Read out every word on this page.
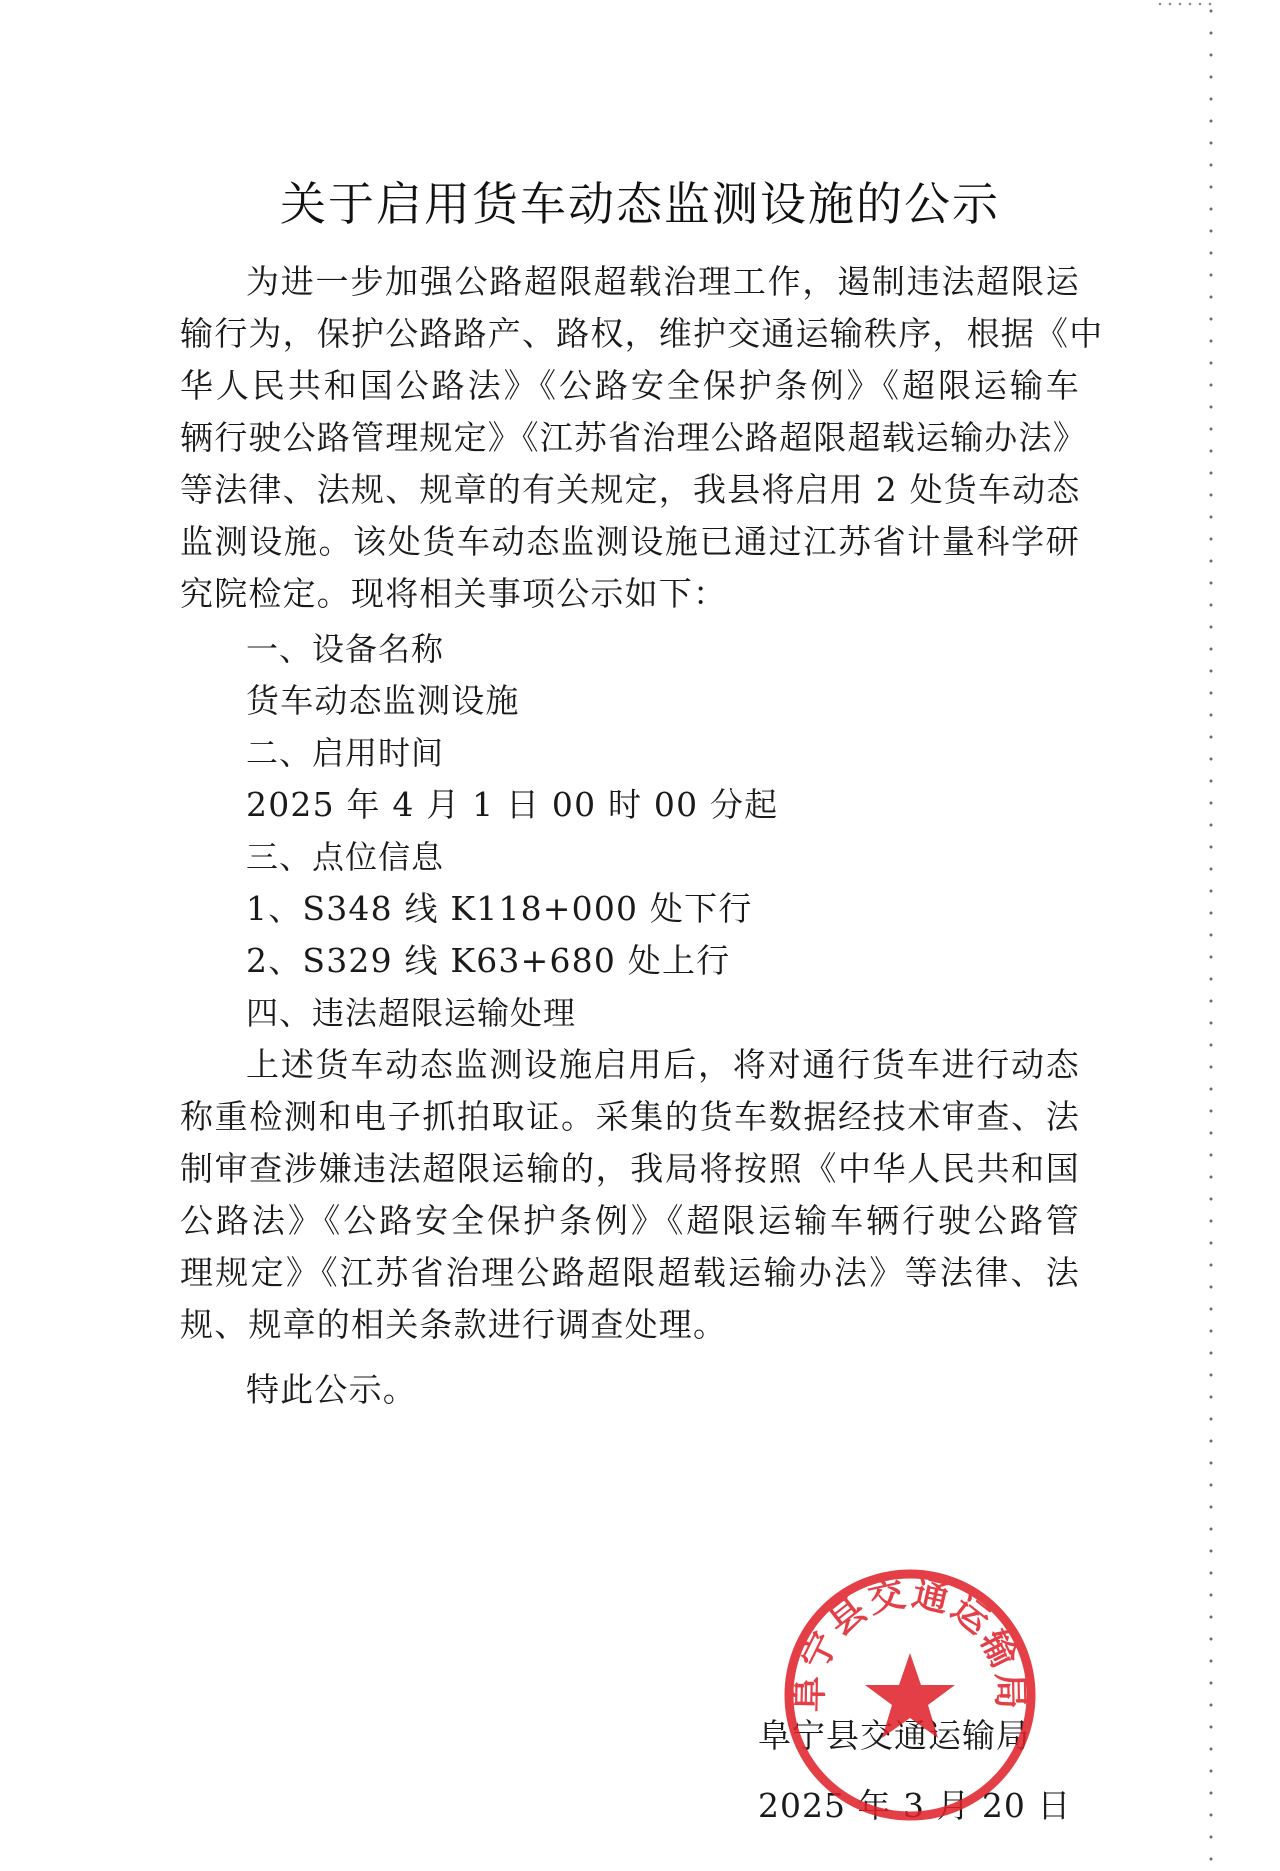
关于启用货车动态监测设施的公示
为进一步加强公路超限超载治理工作，遏制违法超限运
输行为，保护公路路产、路权，维护交通运输秩序，根据《中
华人民共和国公路法》《公路安全保护条例》《超限运输车
辆行驶公路管理规定》《江苏省治理公路超限超载运输办法》
等法律、法规、规章的有关规定，我县将启用 2 处货车动态
监测设施。该处货车动态监测设施已通过江苏省计量科学研
究院检定。现将相关事项公示如下：
一、设备名称
货车动态监测设施
二、启用时间
2025 年 4 月 1 日 00 时 00 分起
三、点位信息
1、S348 线 K118+000 处下行
2、S329 线 K63+680 处上行
四、违法超限运输处理
上述货车动态监测设施启用后，将对通行货车进行动态
称重检测和电子抓拍取证。采集的货车数据经技术审查、法
制审查涉嫌违法超限运输的，我局将按照《中华人民共和国
公路法》《公路安全保护条例》《超限运输车辆行驶公路管
理规定》《江苏省治理公路超限超载运输办法》等法律、法
规、规章的相关条款进行调查处理。
特此公示。
阜宁县交通运输局
2025 年 3 月 20 日
阜宁县交通运输局
